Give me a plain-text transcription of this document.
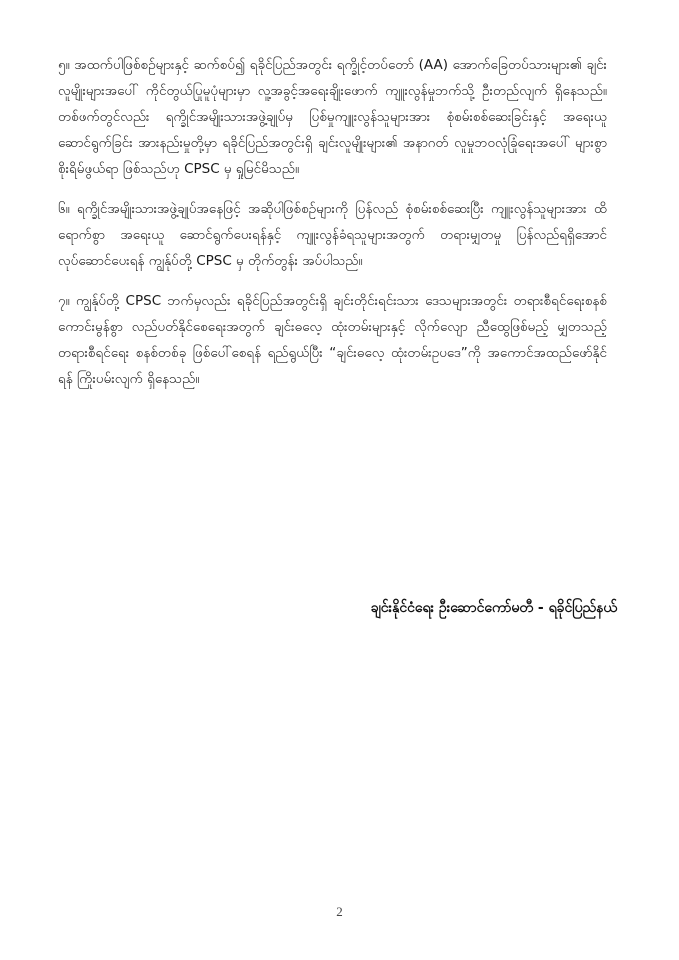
၅။ အထက်ပါဖြစ်စဉ်များနှင့် ဆက်စပ်၍ ရခိုင်ပြည်အတွင်း ရက္ခိုင့်တပ်တော် (AA) အောက်ခြေတပ်သားများ၏ ချင်းလူမျိုးများအပေါ် ကိုင်တွယ်ပြုမူပုံများမှာ လူ့အခွင့်အရေးချိုးဖောက် ကျူးလွန်မှုဘက်သို့ ဦးတည်လျက် ရှိနေသည်။ တစ်ဖက်တွင်လည်း ရက္ခိုင်အမျိုးသားအဖွဲ့ချုပ်မှ ပြစ်မှုကျူးလွန်သူများအား စုံစမ်းစစ်ဆေးခြင်းနှင့် အရေးယူဆောင်ရွက်ခြင်း အားနည်းမှုတို့မှာ ရခိုင်ပြည်အတွင်းရှိ ချင်းလူမျိုးများ၏ အနာဂတ် လူမှုဘဝလုံခြုံရေးအပေါ် များစွာစိုးရိမ်ဖွယ်ရာ ဖြစ်သည်ဟု CPSC မှ ရှုမြင်မိသည်။

၆။ ရက္ခိုင်အမျိုးသားအဖွဲ့ချုပ်အနေဖြင့် အဆိုပါဖြစ်စဉ်များကို ပြန်လည် စုံစမ်းစစ်ဆေးပြီး ကျူးလွန်သူများအား ထိရောက်စွာ အရေးယူ ဆောင်ရွက်ပေးရန်နှင့် ကျူးလွန်ခံရသူများအတွက် တရားမျှတမှု ပြန်လည်ရရှိအောင် လုပ်ဆောင်ပေးရန် ကျွန်ုပ်တို့ CPSC မှ တိုက်တွန်း အပ်ပါသည်။

၇။ ကျွန်ုပ်တို့ CPSC ဘက်မှလည်း ရခိုင်ပြည်အတွင်းရှိ ချင်းတိုင်းရင်းသား ဒေသများအတွင်း တရားစီရင်ရေးစနစ် ကောင်းမွန်စွာ လည်ပတ်နိုင်စေရေးအတွက် ချင်းဓလေ့ ထုံးတမ်းများနှင့် လိုက်လျော ညီထွေဖြစ်မည့် မျှတသည့် တရားစီရင်ရေး စနစ်တစ်ခု ဖြစ်ပေါ်စေရန် ရည်ရွယ်ပြီး “ချင်းဓလေ့ ထုံးတမ်းဥပဒေ”ကို အကောင်အထည်ဖော်နိုင်ရန် ကြိုးပမ်းလျက် ရှိနေသည်။

ချင်းနိုင်ငံရေး ဦးဆောင်ကော်မတီ - ရခိုင်ပြည်နယ်
2
